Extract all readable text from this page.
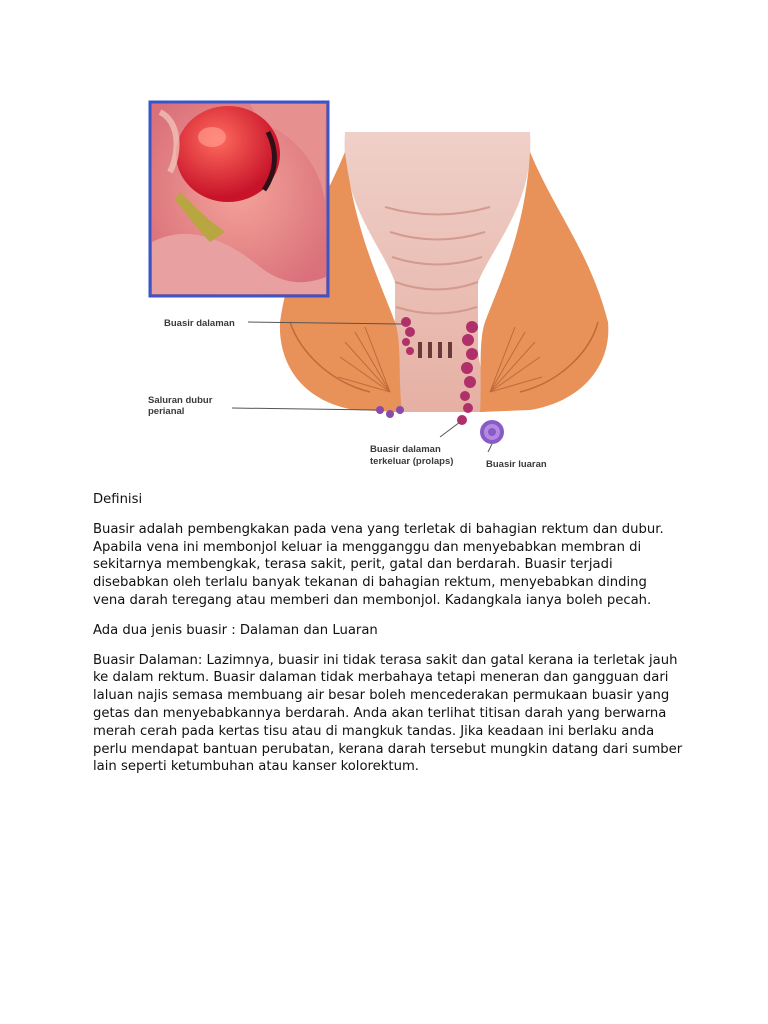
Buasir dalaman
Saluran dubur
perianal
Buasir dalaman
terkeluar (prolaps)	Buasir luaran

Definisi

Buasir adalah pembengkakan pada vena yang terletak di bahagian rektum dan dubur. Apabila vena ini membonjol keluar ia mengganggu dan menyebabkan membran di sekitarnya membengkak, terasa sakit, perit, gatal dan berdarah. Buasir terjadi disebabkan oleh terlalu banyak tekanan di bahagian rektum, menyebabkan dinding vena darah teregang atau memberi dan membonjol. Kadangkala ianya boleh pecah.

Ada dua jenis buasir : Dalaman dan Luaran

Buasir Dalaman: Lazimnya, buasir ini tidak terasa sakit dan gatal kerana ia terletak jauh ke dalam rektum. Buasir dalaman tidak merbahaya tetapi meneran dan gangguan dari laluan najis semasa membuang air besar boleh mencederakan permukaan buasir yang getas dan menyebabkannya berdarah. Anda akan terlihat titisan darah yang berwarna merah cerah pada kertas tisu atau di mangkuk tandas. Jika keadaan ini berlaku anda perlu mendapat bantuan perubatan, kerana darah tersebut mungkin datang dari sumber lain seperti ketumbuhan atau kanser kolorektum.
